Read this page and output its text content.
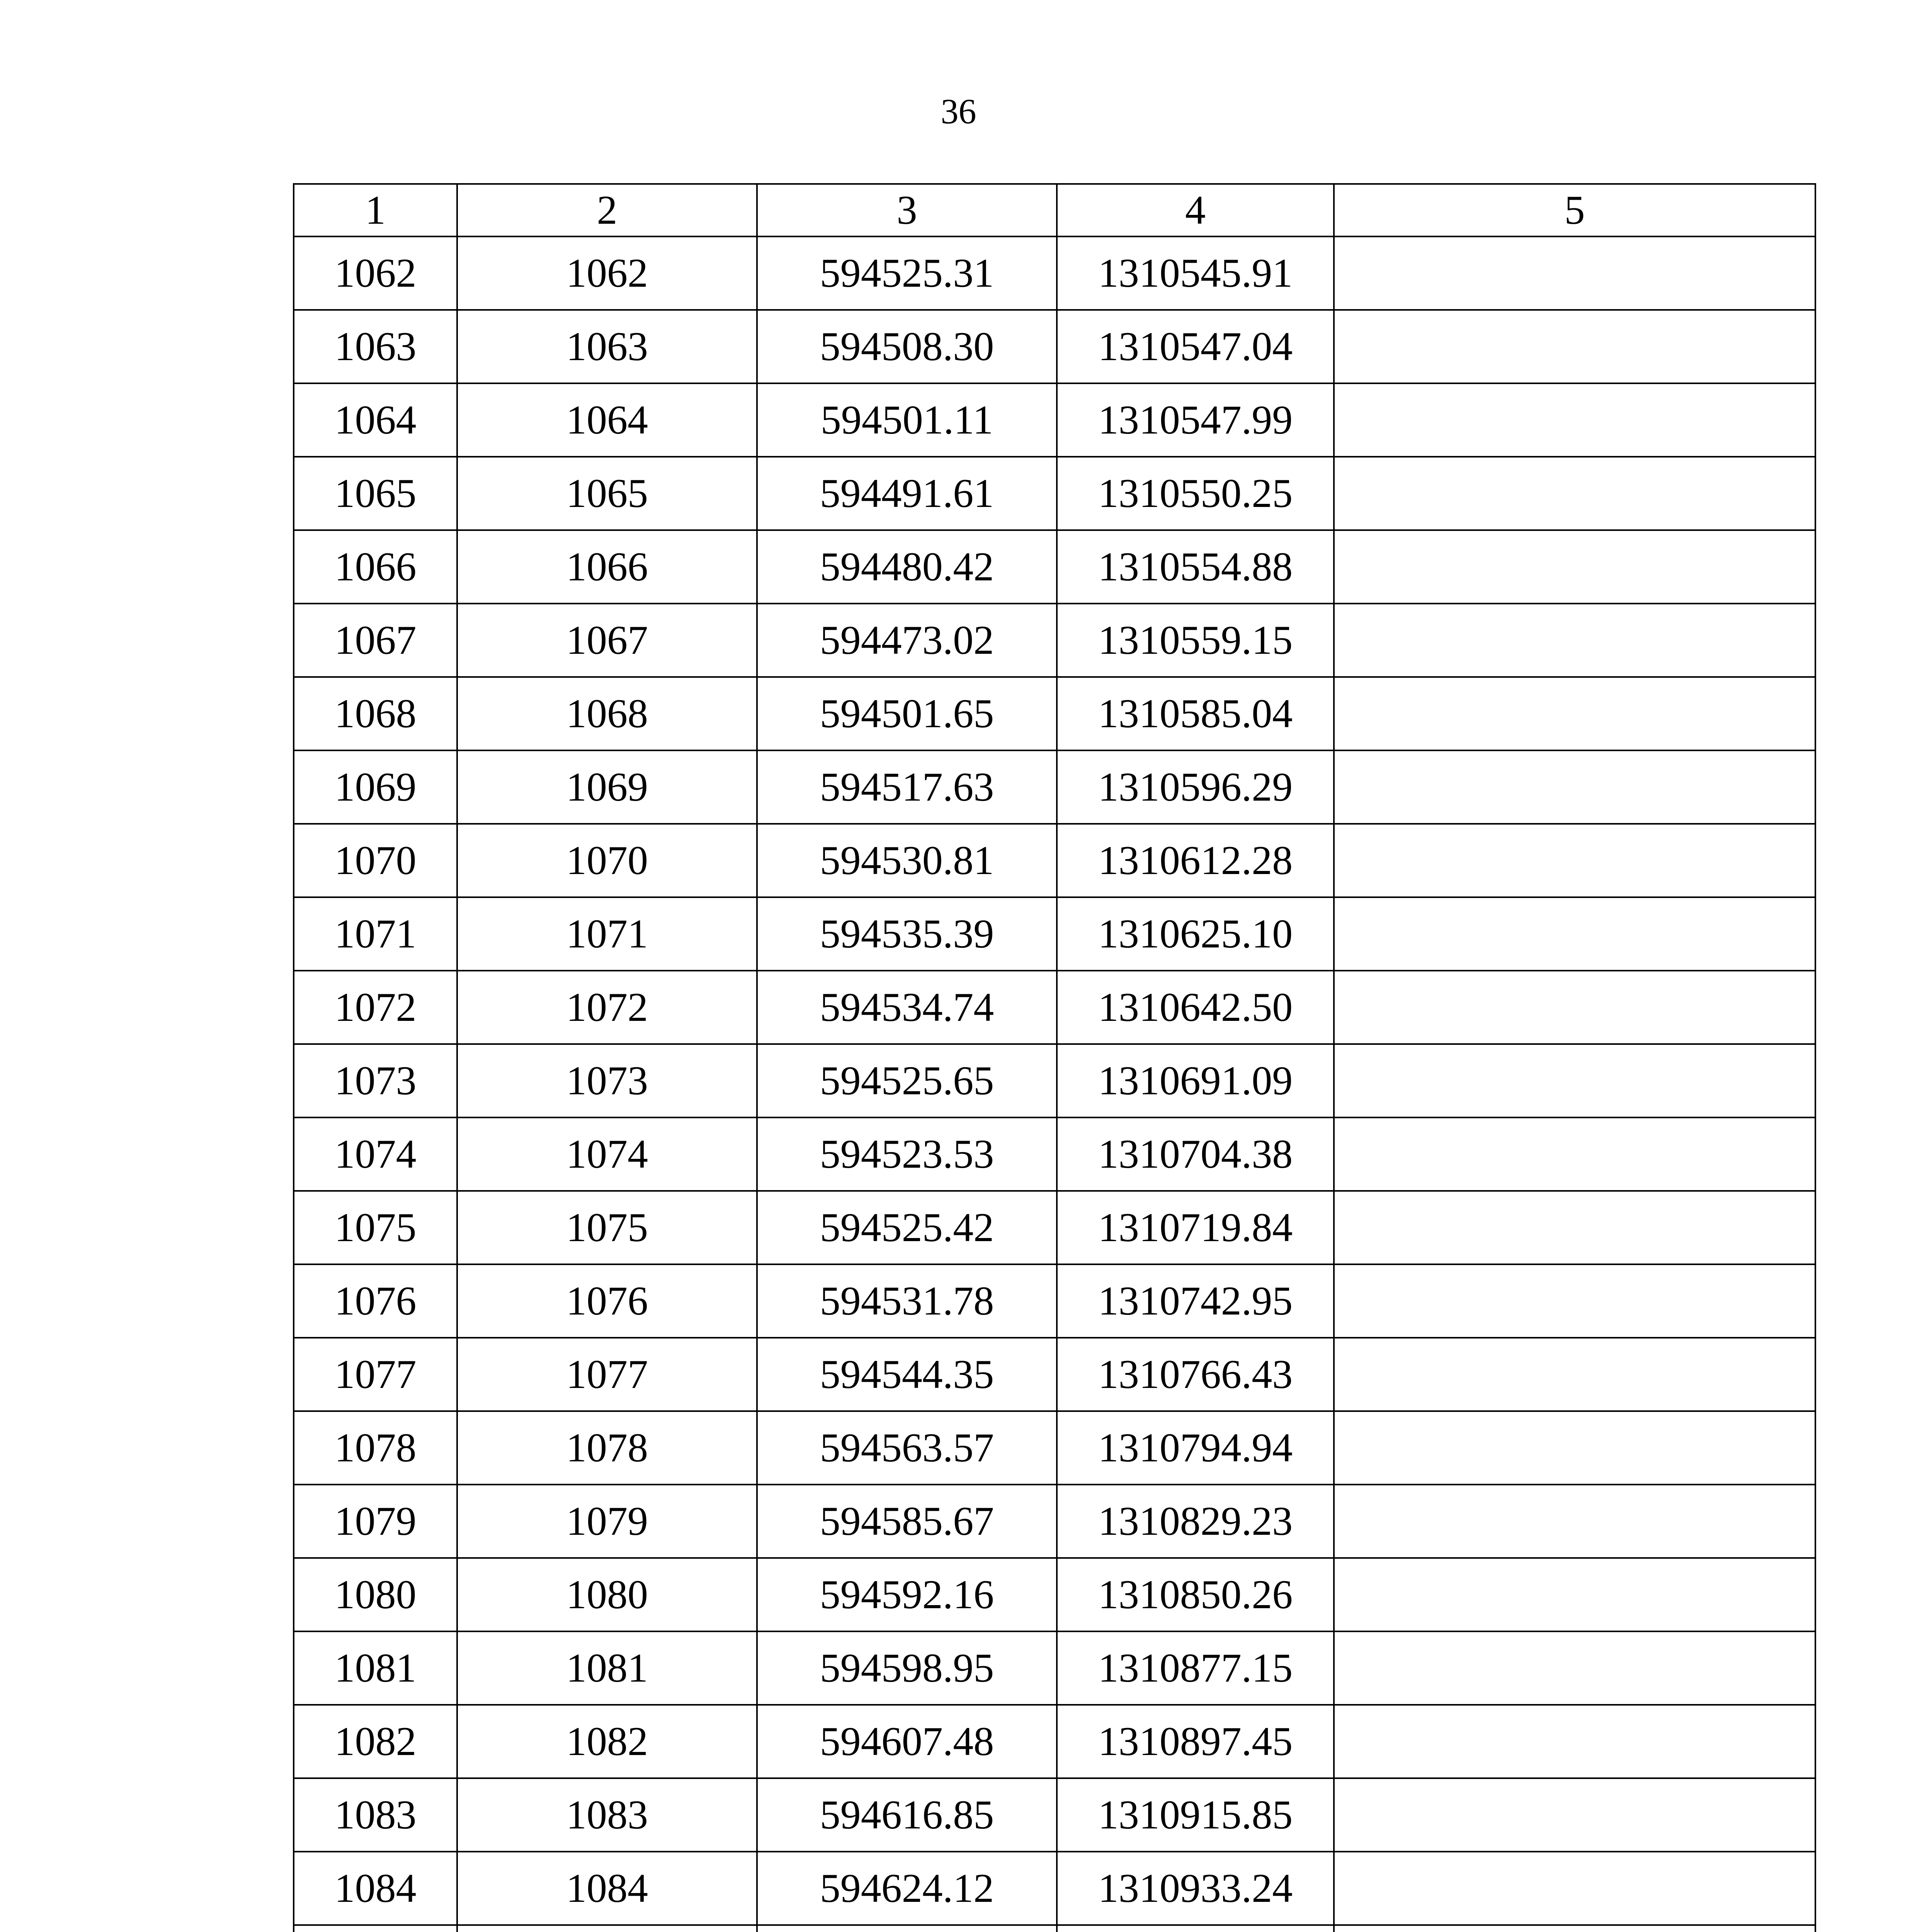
36
1	2	3	4	5
1062	1062	594525.31	1310545.91	
1063	1063	594508.30	1310547.04	
1064	1064	594501.11	1310547.99	
1065	1065	594491.61	1310550.25	
1066	1066	594480.42	1310554.88	
1067	1067	594473.02	1310559.15	
1068	1068	594501.65	1310585.04	
1069	1069	594517.63	1310596.29	
1070	1070	594530.81	1310612.28	
1071	1071	594535.39	1310625.10	
1072	1072	594534.74	1310642.50	
1073	1073	594525.65	1310691.09	
1074	1074	594523.53	1310704.38	
1075	1075	594525.42	1310719.84	
1076	1076	594531.78	1310742.95	
1077	1077	594544.35	1310766.43	
1078	1078	594563.57	1310794.94	
1079	1079	594585.67	1310829.23	
1080	1080	594592.16	1310850.26	
1081	1081	594598.95	1310877.15	
1082	1082	594607.48	1310897.45	
1083	1083	594616.85	1310915.85	
1084	1084	594624.12	1310933.24	
